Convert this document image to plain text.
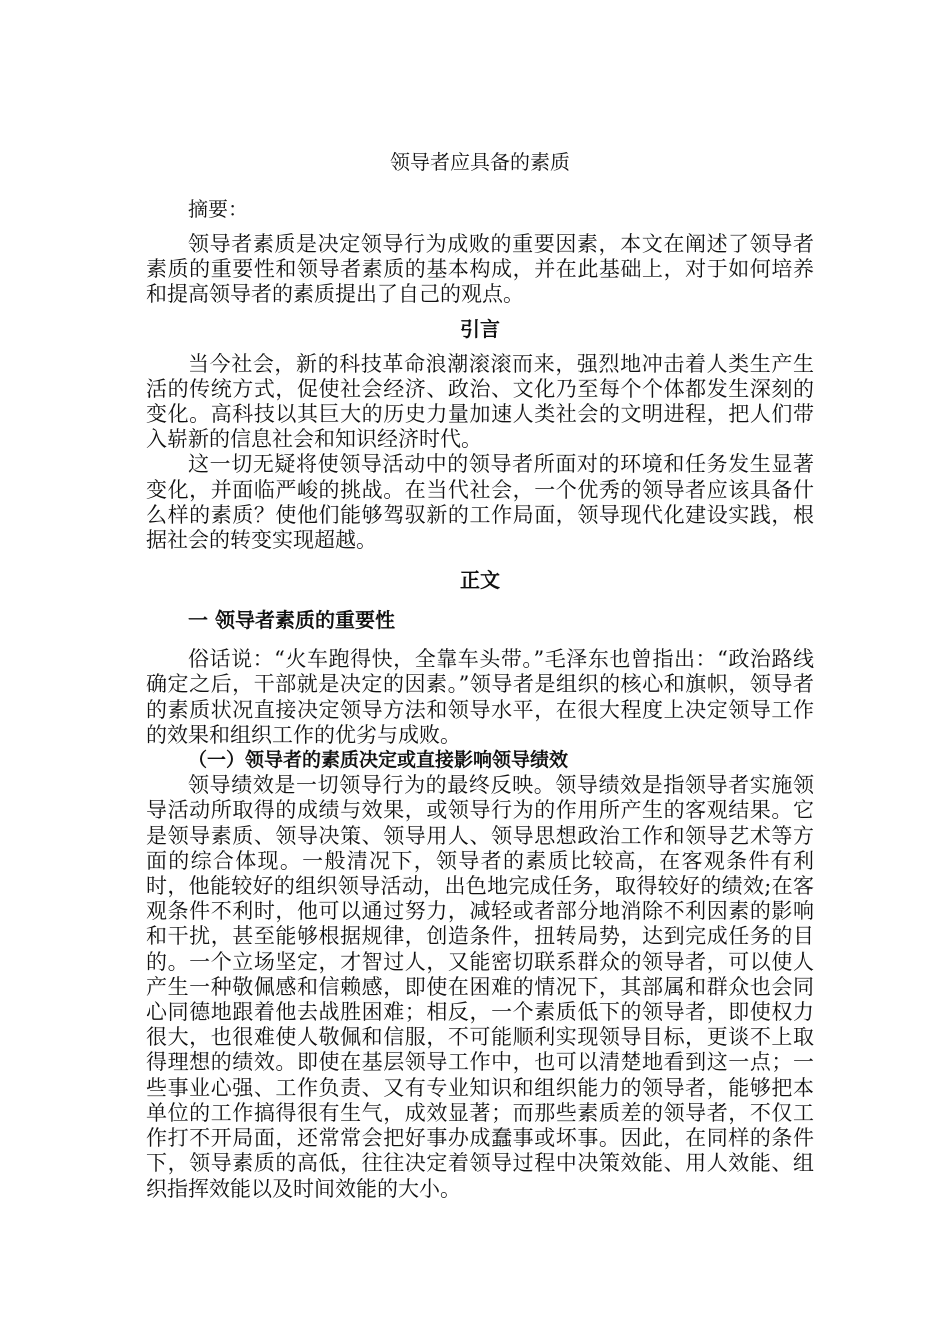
领导者应具备的素质
摘要：

领导者素质是决定领导行为成败的重要因素，本文在阐述了领导者素质的重要性和领导者素质的基本构成，并在此基础上，对于如何培养和提高领导者的素质提出了自己的观点。

引言

当今社会，新的科技革命浪潮滚滚而来，强烈地冲击着人类生产生活的传统方式，促使社会经济、政治、文化乃至每个个体都发生深刻的变化。高科技以其巨大的历史力量加速人类社会的文明进程，把人们带入崭新的信息社会和知识经济时代。

这一切无疑将使领导活动中的领导者所面对的环境和任务发生显著变化，并面临严峻的挑战。在当代社会，一个优秀的领导者应该具备什么样的素质？使他们能够驾驭新的工作局面，领导现代化建设实践，根据社会的转变实现超越。

正文
一 领导者素质的重要性

俗话说：“火车跑得快，全靠车头带。”毛泽东也曾指出：“政治路线确定之后，干部就是决定的因素。”领导者是组织的核心和旗帜，领导者的素质状况直接决定领导方法和领导水平，在很大程度上决定领导工作的效果和组织工作的优劣与成败。

（一）领导者的素质决定或直接影响领导绩效

领导绩效是一切领导行为的最终反映。领导绩效是指领导者实施领导活动所取得的成绩与效果，或领导行为的作用所产生的客观结果。它是领导素质、领导决策、领导用人、领导思想政治工作和领导艺术等方面的综合体现。一般清况下，领导者的素质比较高，在客观条件有利时，他能较好的组织领导活动，出色地完成任务，取得较好的绩效;在客观条件不利时，他可以通过努力，减轻或者部分地消除不利因素的影响和干扰，甚至能够根据规律，创造条件，扭转局势，达到完成任务的目的。一个立场坚定，才智过人，又能密切联系群众的领导者，可以使人产生一种敬佩感和信赖感，即使在困难的情况下，其部属和群众也会同心同德地跟着他去战胜困难；相反，一个素质低下的领导者，即使权力很大，也很难使人敬佩和信服，不可能顺利实现领导目标，更谈不上取得理想的绩效。即使在基层领导工作中，也可以清楚地看到这一点；一些事业心强、工作负责、又有专业知识和组织能力的领导者，能够把本单位的工作搞得很有生气，成效显著；而那些素质差的领导者，不仅工作打不开局面，还常常会把好事办成蠢事或坏事。因此，在同样的条件下，领导素质的高低，往往决定着领导过程中决策效能、用人效能、组织指挥效能以及时间效能的大小。
